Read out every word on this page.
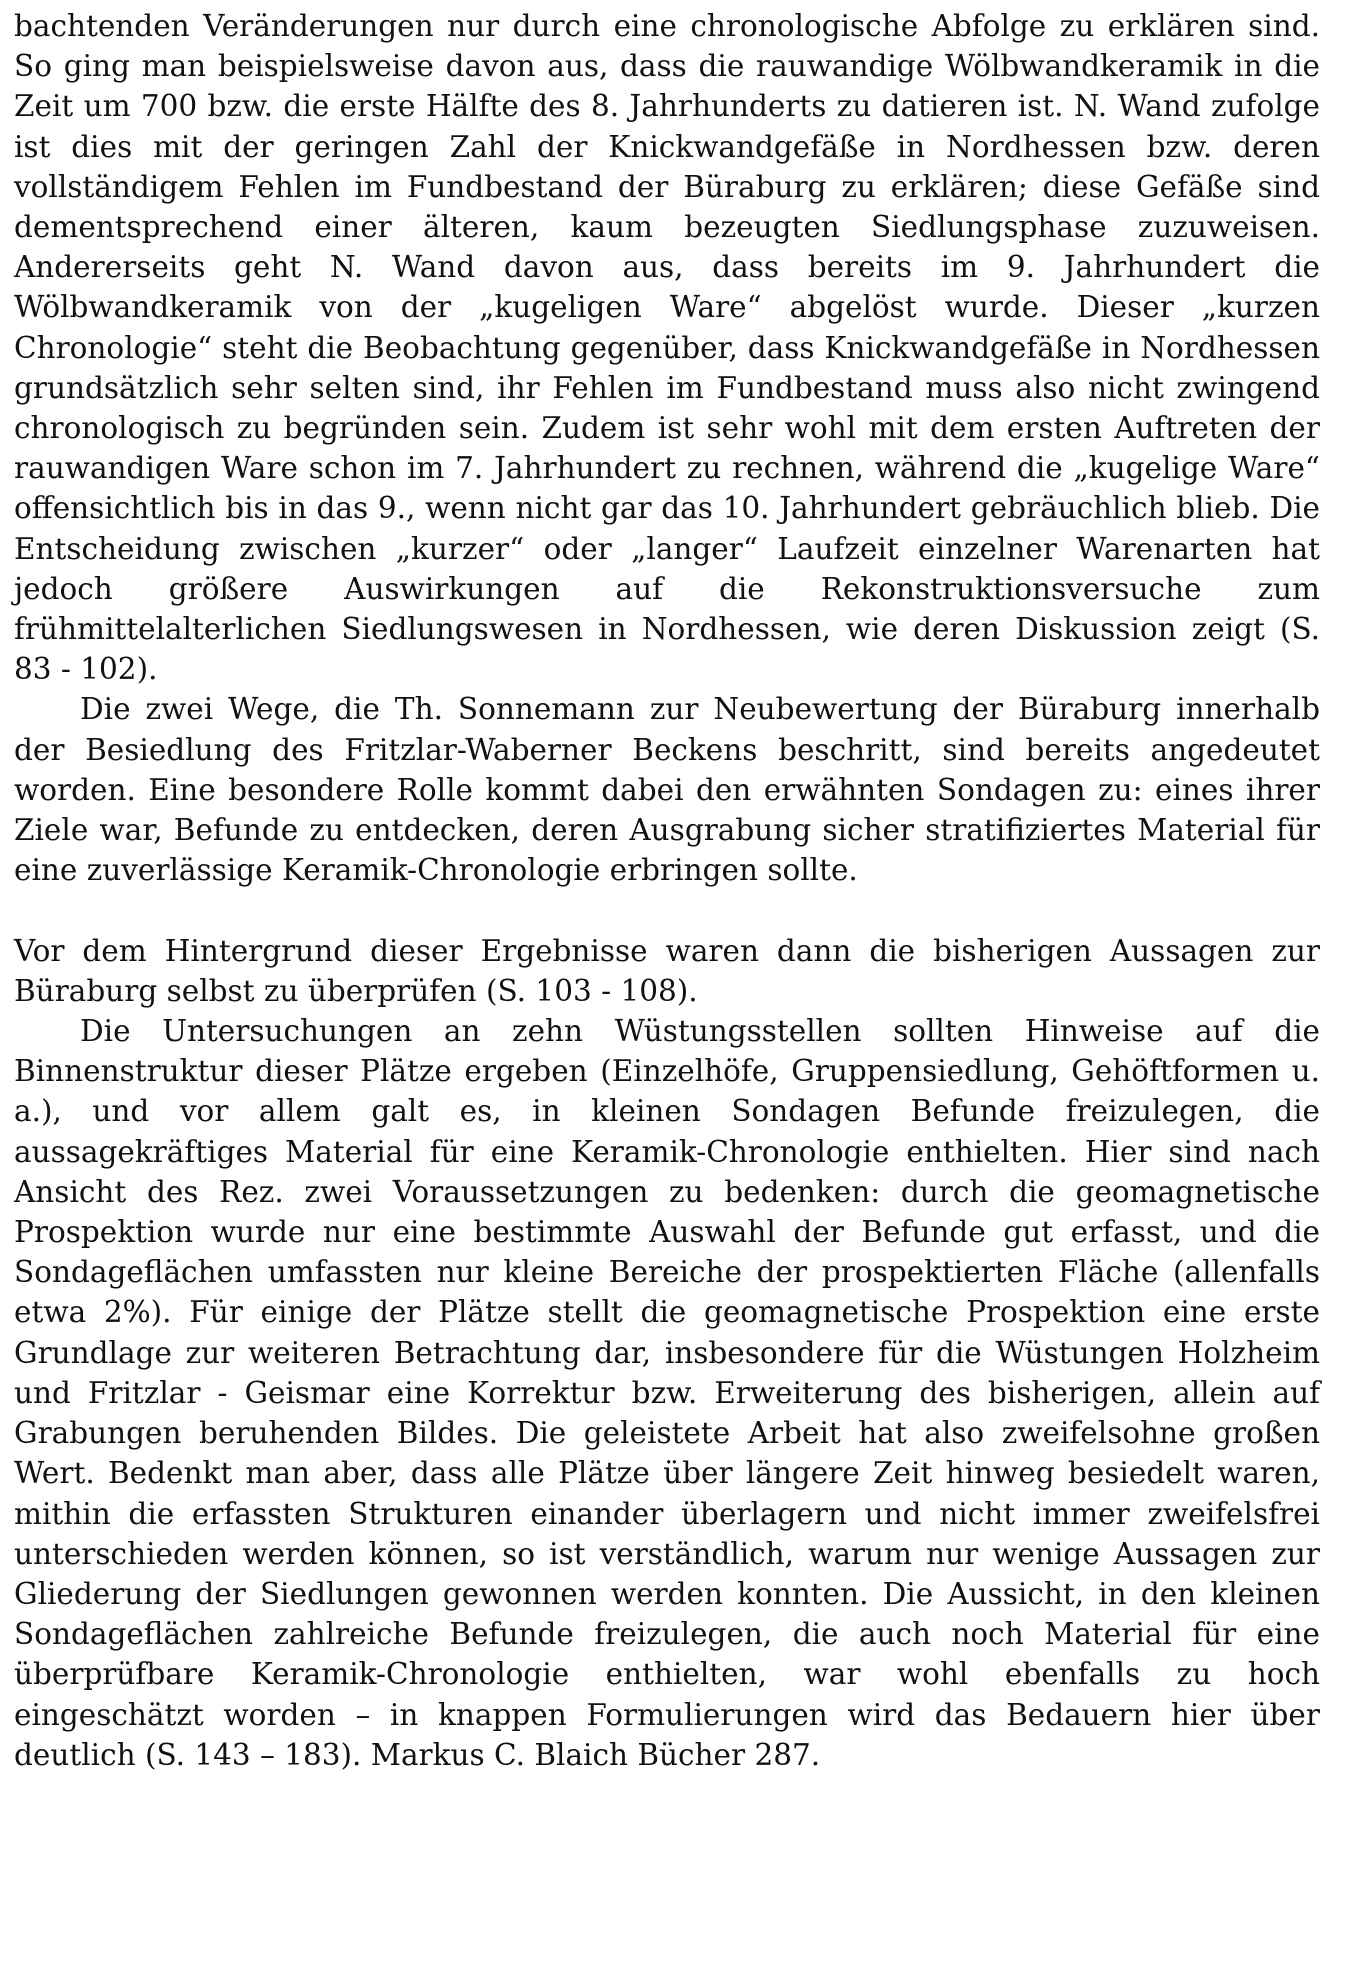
bachtenden Veränderungen nur durch eine chronologische Abfolge zu erklären sind. So ging man beispielsweise davon aus, dass die rauwandige Wölbwandkeramik in die Zeit um 700 bzw. die erste Hälfte des 8. Jahrhunderts zu datieren ist. N. Wand zufolge ist dies mit der geringen Zahl der Knickwandgefäße in Nordhessen bzw. deren vollständigem Fehlen im Fundbestand der Büraburg zu erklären; diese Gefäße sind dementsprechend einer älteren, kaum bezeugten Siedlungsphase zuzuweisen. Andererseits geht N. Wand davon aus, dass bereits im 9. Jahrhundert die Wölbwandkeramik von der „kugeligen Ware“ abgelöst wurde. Dieser „kurzen Chronologie“ steht die Beobachtung gegenüber, dass Knickwandgefäße in Nordhessen grundsätzlich sehr selten sind, ihr Fehlen im Fundbestand muss also nicht zwingend chronologisch zu begründen sein. Zudem ist sehr wohl mit dem ersten Auftreten der rauwandigen Ware schon im 7. Jahrhundert zu rechnen, während die „kugelige Ware“ offensichtlich bis in das 9., wenn nicht gar das 10. Jahrhundert gebräuchlich blieb. Die Entscheidung zwischen „kurzer“ oder „langer“ Laufzeit einzelner Warenarten hat jedoch größere Auswirkungen auf die Rekonstruktionsversuche zum frühmittelalterlichen Siedlungswesen in Nordhessen, wie deren Diskussion zeigt (S. 83 - 102).

Die zwei Wege, die Th. Sonnemann zur Neubewertung der Büraburg innerhalb der Besiedlung des Fritzlar-Waberner Beckens beschritt, sind bereits angedeutet worden. Eine besondere Rolle kommt dabei den erwähnten Sondagen zu: eines ihrer Ziele war, Befunde zu entdecken, deren Ausgrabung sicher stratifiziertes Material für eine zuverlässige Keramik-Chronologie erbringen sollte.

Vor dem Hintergrund dieser Ergebnisse waren dann die bisherigen Aussagen zur Büraburg selbst zu überprüfen (S. 103 - 108).

Die Untersuchungen an zehn Wüstungsstellen sollten Hinweise auf die Binnenstruktur dieser Plätze ergeben (Einzelhöfe, Gruppensiedlung, Gehöftformen u. a.), und vor allem galt es, in kleinen Sondagen Befunde freizulegen, die aussagekräftiges Material für eine Keramik-Chronologie enthielten. Hier sind nach Ansicht des Rez. zwei Voraussetzungen zu bedenken: durch die geomagnetische Prospektion wurde nur eine bestimmte Auswahl der Befunde gut erfasst, und die Sondageflächen umfassten nur kleine Bereiche der prospektierten Fläche (allenfalls etwa 2%). Für einige der Plätze stellt die geomagnetische Prospektion eine erste Grundlage zur weiteren Betrachtung dar, insbesondere für die Wüstungen Holzheim und Fritzlar - Geismar eine Korrektur bzw. Erweiterung des bisherigen, allein auf Grabungen beruhenden Bildes. Die geleistete Arbeit hat also zweifelsohne großen Wert. Bedenkt man aber, dass alle Plätze über längere Zeit hinweg besiedelt waren, mithin die erfassten Strukturen einander überlagern und nicht immer zweifelsfrei unterschieden werden können, so ist verständlich, warum nur wenige Aussagen zur Gliederung der Siedlungen gewonnen werden konnten. Die Aussicht, in den kleinen Sondageflächen zahlreiche Befunde freizulegen, die auch noch Material für eine überprüfbare Keramik-Chronologie enthielten, war wohl ebenfalls zu hoch eingeschätzt worden – in knappen Formulierungen wird das Bedauern hier über deutlich (S. 143 – 183). Markus C. Blaich Bücher 287.
